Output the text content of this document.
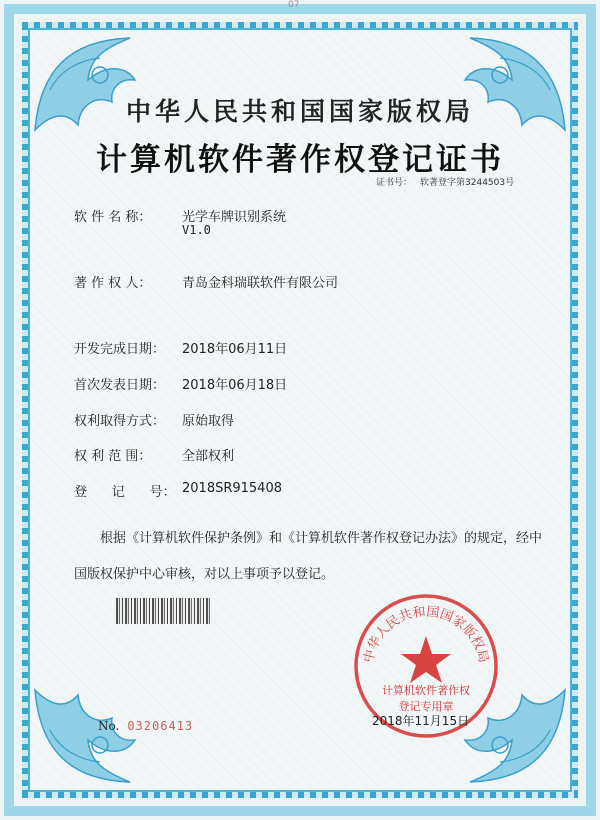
07
中华人民共和国国家版权局
计算机软件著作权登记证书
证书号： 软著登字第3244503号
软 件 名 称：	光学车牌识别系统
V1.0
著 作 权 人：	青岛金科瑞联软件有限公司
开发完成日期：	2018年06月11日
首次发表日期：	2018年06月18日
权利取得方式：	原始取得
权 利 范 围：	全部权利
登      记      号： 2018SR915408
根据《计算机软件保护条例》和《计算机软件著作权登记办法》的规定，经中国版权保护中心审核，对以上事项予以登记。
中华人民共和国国家版权局
计算机软件著作权
登记专用章
No. 03206413	2018年11月15日
